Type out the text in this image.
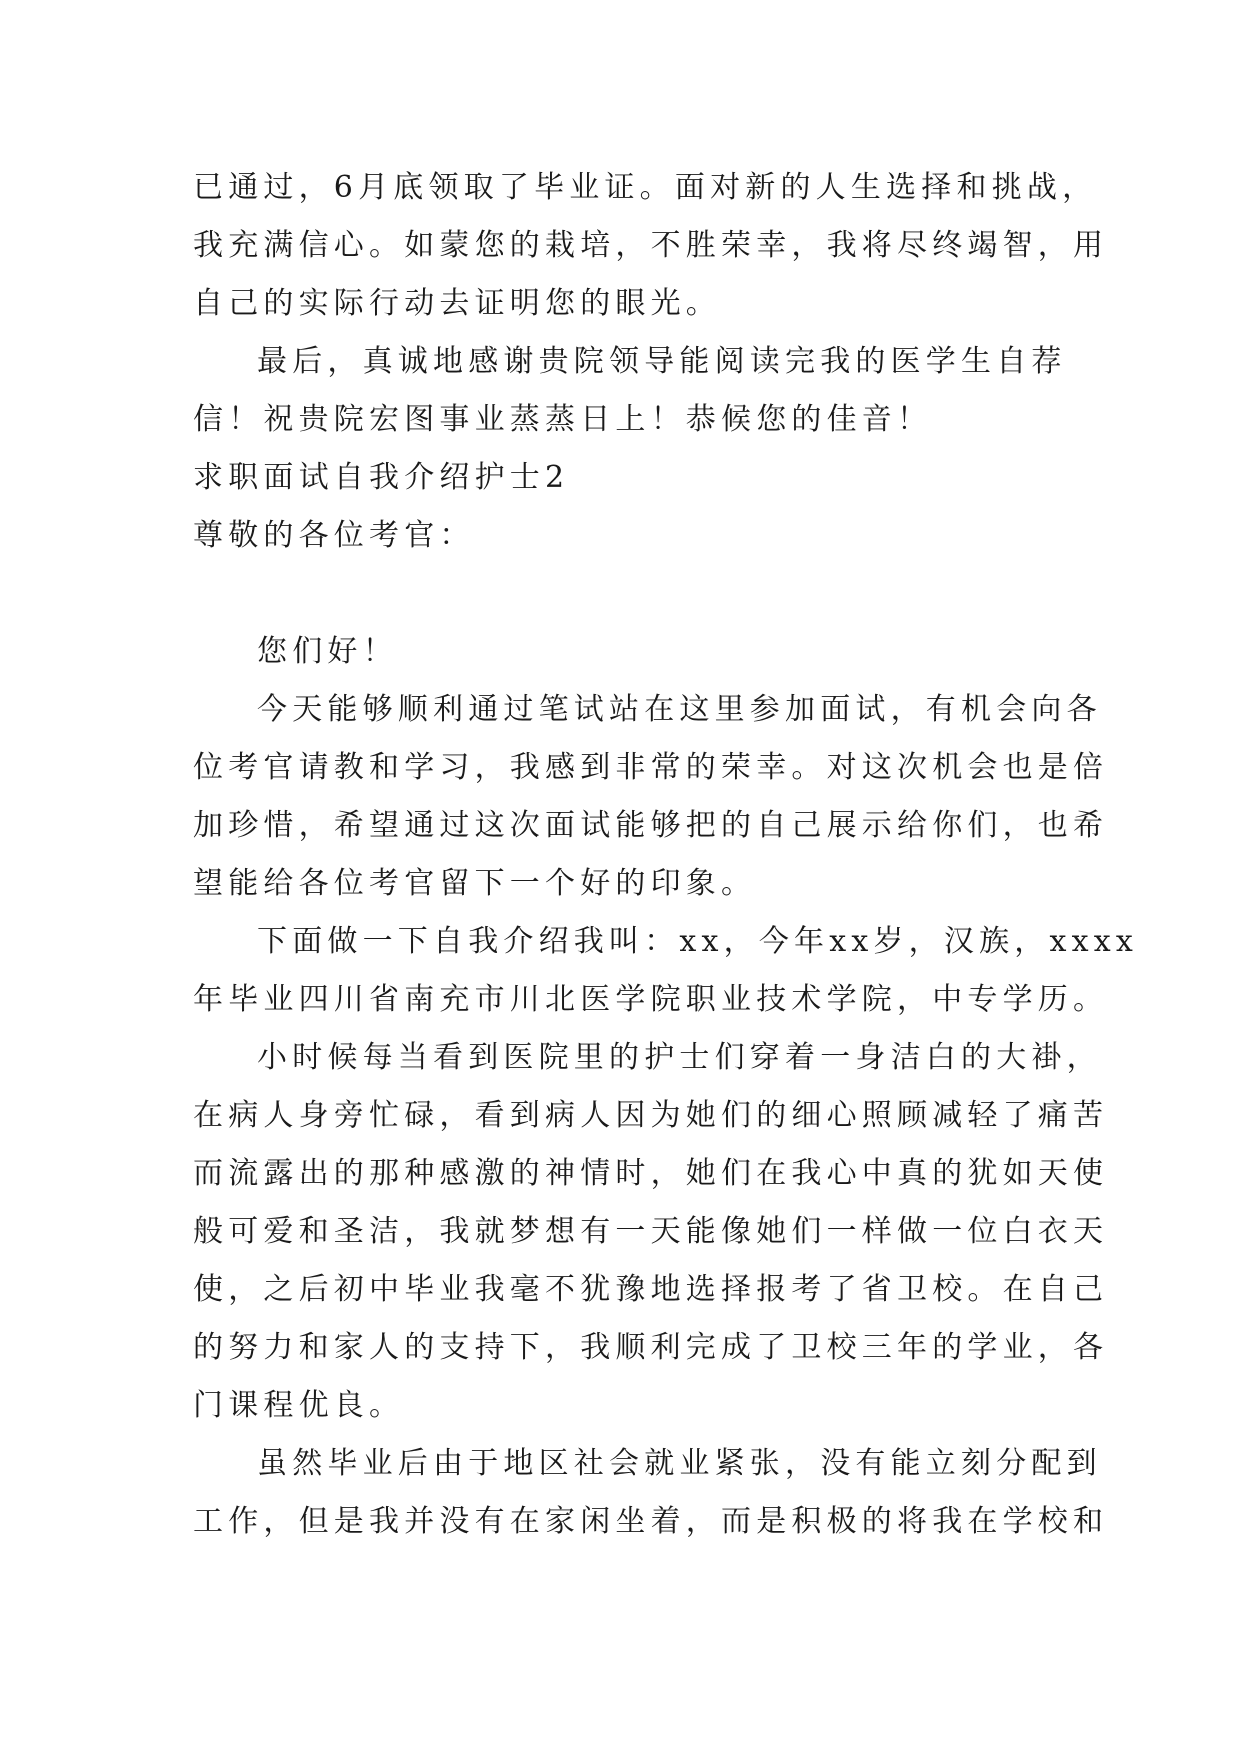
已通过，6月底领取了毕业证。面对新的人生选择和挑战，
我充满信心。如蒙您的栽培，不胜荣幸，我将尽终竭智，用
自己的实际行动去证明您的眼光。
最后，真诚地感谢贵院领导能阅读完我的医学生自荐
信！祝贵院宏图事业蒸蒸日上！恭候您的佳音！
求职面试自我介绍护士2
尊敬的各位考官：
您们好！
今天能够顺利通过笔试站在这里参加面试，有机会向各
位考官请教和学习，我感到非常的荣幸。对这次机会也是倍
加珍惜，希望通过这次面试能够把的自己展示给你们，也希
望能给各位考官留下一个好的印象。
下面做一下自我介绍我叫：xx，今年xx岁，汉族，xxxx
年毕业四川省南充市川北医学院职业技术学院，中专学历。
小时候每当看到医院里的护士们穿着一身洁白的大褂，
在病人身旁忙碌，看到病人因为她们的细心照顾减轻了痛苦
而流露出的那种感激的神情时，她们在我心中真的犹如天使
般可爱和圣洁，我就梦想有一天能像她们一样做一位白衣天
使，之后初中毕业我毫不犹豫地选择报考了省卫校。在自己
的努力和家人的支持下，我顺利完成了卫校三年的学业，各
门课程优良。
虽然毕业后由于地区社会就业紧张，没有能立刻分配到
工作，但是我并没有在家闲坐着，而是积极的将我在学校和
